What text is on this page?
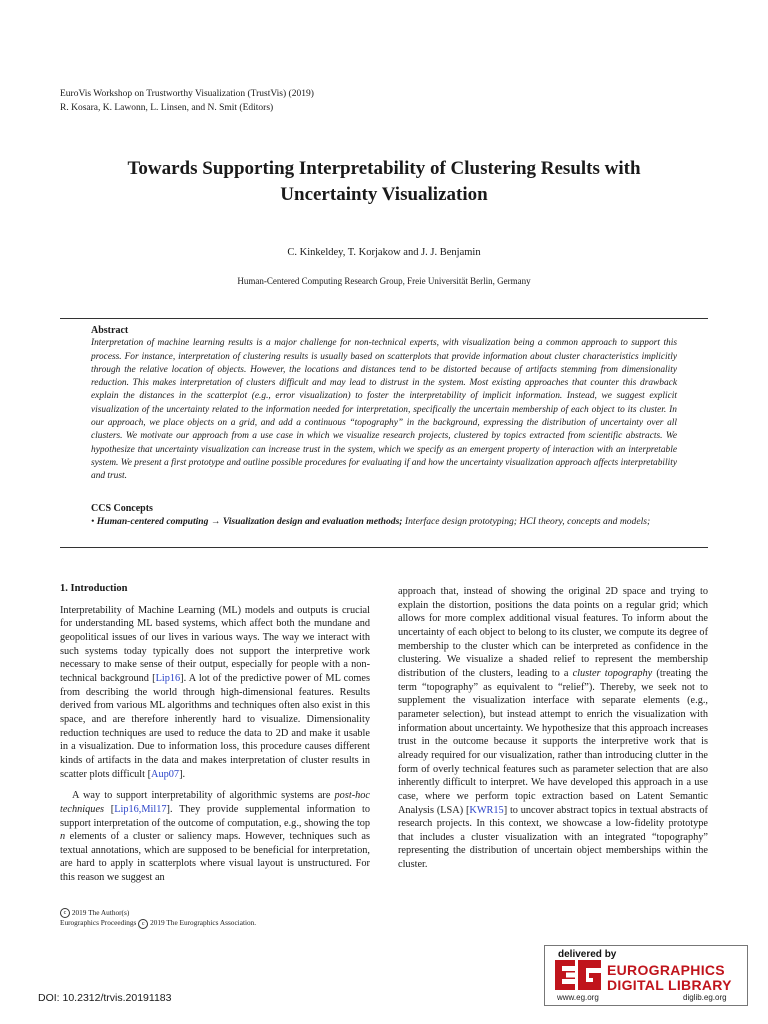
EuroVis Workshop on Trustworthy Visualization (TrustVis) (2019)
R. Kosara, K. Lawonn, L. Linsen, and N. Smit (Editors)
Towards Supporting Interpretability of Clustering Results with
Uncertainty Visualization
C. Kinkeldey, T. Korjakow and J. J. Benjamin
Human-Centered Computing Research Group, Freie Universität Berlin, Germany
Abstract
Interpretation of machine learning results is a major challenge for non-technical experts, with visualization being a common approach to support this process. For instance, interpretation of clustering results is usually based on scatterplots that provide information about cluster characteristics implicitly through the relative location of objects. However, the locations and distances tend to be distorted because of artifacts stemming from dimensionality reduction. This makes interpretation of clusters difficult and may lead to distrust in the system. Most existing approaches that counter this drawback explain the distances in the scatterplot (e.g., error visualization) to foster the interpretability of implicit information. Instead, we suggest explicit visualization of the uncertainty related to the information needed for interpretation, specifically the uncertain membership of each object to its cluster. In our approach, we place objects on a grid, and add a continuous “topography” in the background, expressing the distribution of uncertainty over all clusters. We motivate our approach from a use case in which we visualize research projects, clustered by topics extracted from scientific abstracts. We hypothesize that uncertainty visualization can increase trust in the system, which we specify as an emergent property of interaction with an interpretable system. We present a first prototype and outline possible procedures for evaluating if and how the uncertainty visualization approach affects interpretability and trust.
CCS Concepts
• Human-centered computing → Visualization design and evaluation methods; Interface design prototyping; HCI theory, concepts and models;
1. Introduction

Interpretability of Machine Learning (ML) models and outputs is crucial for understanding ML based systems, which affect both the mundane and geopolitical issues of our lives in various ways. The way we interact with such systems today typically does not support the interpretive work necessary to make sense of their output, especially for people with a non-technical background [Lip16]. A lot of the predictive power of ML comes from describing the world through high-dimensional features. Results derived from various ML algorithms and techniques often also exist in this space, and are therefore inherently hard to visualize. Dimensionality reduction techniques are used to reduce the data to 2D and make it usable in a visualization. Due to information loss, this procedure causes different kinds of artifacts in the data and makes interpretation of cluster results in scatter plots difficult [Aup07].

A way to support interpretability of algorithmic systems are post-hoc techniques [Lip16,Mil17]. They provide supplemental information to support interpretation of the outcome of computation, e.g., showing the top n elements of a cluster or saliency maps. However, techniques such as textual annotations, which are supposed to be beneficial for interpretation, are hard to apply in scatterplots where visual layout is unstructured. For this reason we suggest an

approach that, instead of showing the original 2D space and trying to explain the distortion, positions the data points on a regular grid; which allows for more complex additional visual features. To inform about the uncertainty of each object to belong to its cluster, we compute its degree of membership to the cluster which can be interpreted as confidence in the clustering. We visualize a shaded relief to represent the membership distribution of the clusters, leading to a cluster topography (treating the term “topography” as equivalent to “relief”). Thereby, we seek not to supplement the visualization interface with separate elements (e.g., parameter selection), but instead attempt to enrich the visualization with information about uncertainty. We hypothesize that this approach increases trust in the outcome because it supports the interpretive work that is already required for our visualization, rather than introducing clutter in the form of overly technical features such as parameter selection that are also inherently difficult to interpret. We have developed this approach in a use case, where we perform topic extraction based on Latent Semantic Analysis (LSA) [KWR15] to uncover abstract topics in textual abstracts of research projects. In this context, we showcase a low-fidelity prototype that includes a cluster visualization with an integrated “topography” representing the distribution of uncertain object memberships within the cluster.

c 2019 The Author(s)
Eurographics Proceedings c 2019 The Eurographics Association.
DOI: 10.2312/trvis.20191183
delivered by
EUROGRAPHICS
DIGITAL LIBRARY
www.eg.org	diglib.eg.org
